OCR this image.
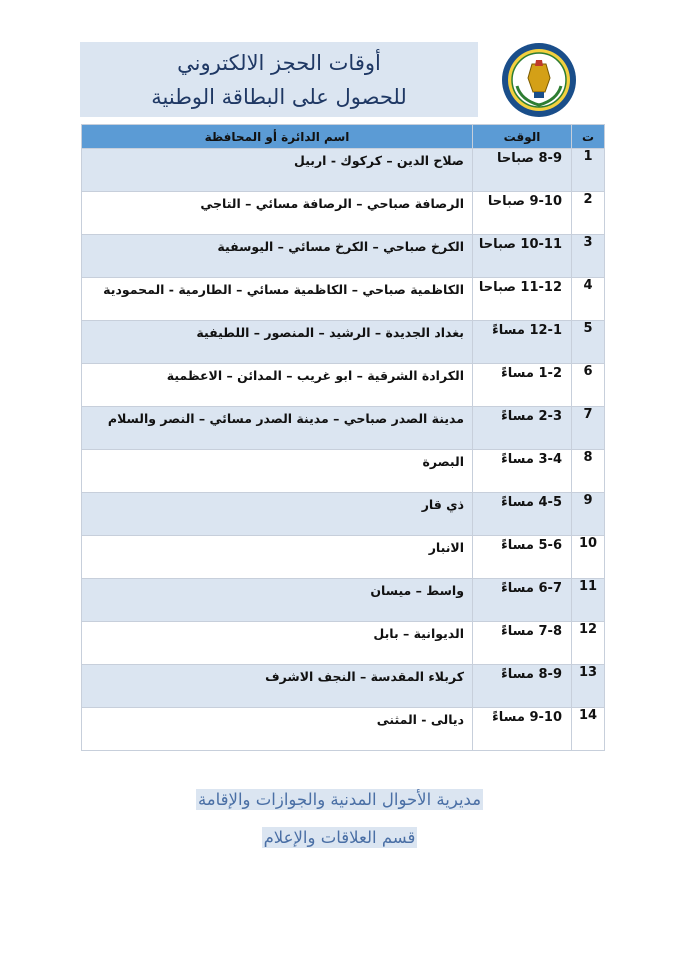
أوقات الحجز الالكتروني
للحصول على البطاقة الوطنية
ت	الوقت	اسم الدائرة أو المحافظة
1	8-9 صباحا	صلاح الدين – كركوك - اربيل

2	9-10 صباحا	الرصافة صباحي – الرصافة مسائي – التاجي

3	10-11 صباحا	الكرخ صباحي – الكرخ مسائي – اليوسفية

4	11-12 صباحا	الكاظمية صباحي – الكاظمية مسائي – الطارمية - المحمودية

5	12-1 مساءً	بغداد الجديدة – الرشيد – المنصور – اللطيفية

6	1-2 مساءً	الكرادة الشرقية – ابو غريب – المدائن – الاعظمية

7	2-3 مساءً	مدينة الصدر صباحي – مدينة الصدر مسائي – النصر والسلام

8	3-4 مساءً	البصرة

9	4-5 مساءً	ذي قار

10	5-6 مساءً	الانبار

11	6-7 مساءً	واسط – ميسان

12	7-8 مساءً	الديوانية – بابل

13	8-9 مساءً	كربلاء المقدسة – النجف الاشرف

14	9-10 مساءً	ديالى - المثنى
مديرية الأحوال المدنية والجوازات والإقامة
قسم العلاقات والإعلام
